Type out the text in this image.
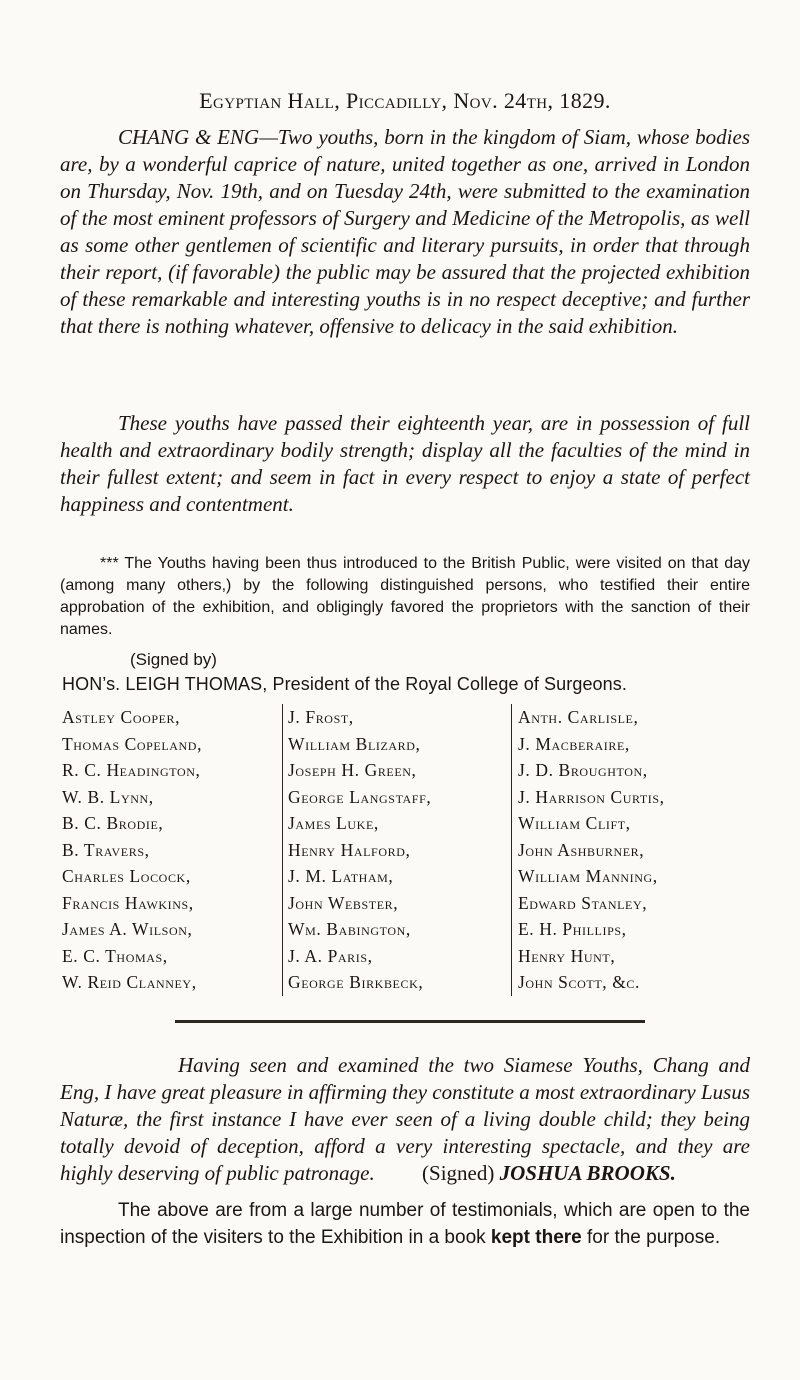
Egyptian Hall, Piccadilly, Nov. 24th, 1829.
CHANG & ENG—Two youths, born in the kingdom of Siam, whose bodies are, by a wonderful caprice of nature, united together as one, arrived in London on Thursday, Nov. 19th, and on Tuesday 24th, were submitted to the examination of the most eminent professors of Surgery and Medicine of the Metropolis, as well as some other gentlemen of scientific and literary pursuits, in order that through their report, (if favorable) the public may be assured that the projected exhibition of these remarkable and interesting youths is in no respect deceptive; and further that there is nothing whatever, offensive to delicacy in the said exhibition.
These youths have passed their eighteenth year, are in possession of full health and extraordinary bodily strength; display all the faculties of the mind in their fullest extent; and seem in fact in every respect to enjoy a state of perfect happiness and contentment.
*** The Youths having been thus introduced to the British Public, were visited on that day (among many others,) by the following distinguished persons, who testified their entire approbation of the exhibition, and obligingly favored the proprietors with the sanction of their names.
(Signed by)
HON’s. LEIGH THOMAS, President of the Royal College of Surgeons.
Astley Cooper,
Thomas Copeland,
R. C. Headington,
W. B. Lynn,
B. C. Brodie,
B. Travers,
Charles Locock,
Francis Hawkins,
James A. Wilson,
E. C. Thomas,
W. Reid Clanney,
J. Frost,
William Blizard,
Joseph H. Green,
George Langstaff,
James Luke,
Henry Halford,
J. M. Latham,
John Webster,
Wm. Babington,
J. A. Paris,
George Birkbeck,
Anth. Carlisle,
J. Macberaire,
J. D. Broughton,
J. Harrison Curtis,
William Clift,
John Ashburner,
William Manning,
Edward Stanley,
E. H. Phillips,
Henry Hunt,
John Scott, &c.
Having seen and examined the two Siamese Youths, Chang and Eng, I have great pleasure in affirming they constitute a most extraordinary Lusus Naturæ, the first instance I have ever seen of a living double child; they being totally devoid of deception, afford a very interesting spectacle, and they are highly deserving of public patronage. (Signed) JOSHUA BROOKS.
The above are from a large number of testimonials, which are open to the inspection of the visiters to the Exhibition in a book kept there for the purpose.
